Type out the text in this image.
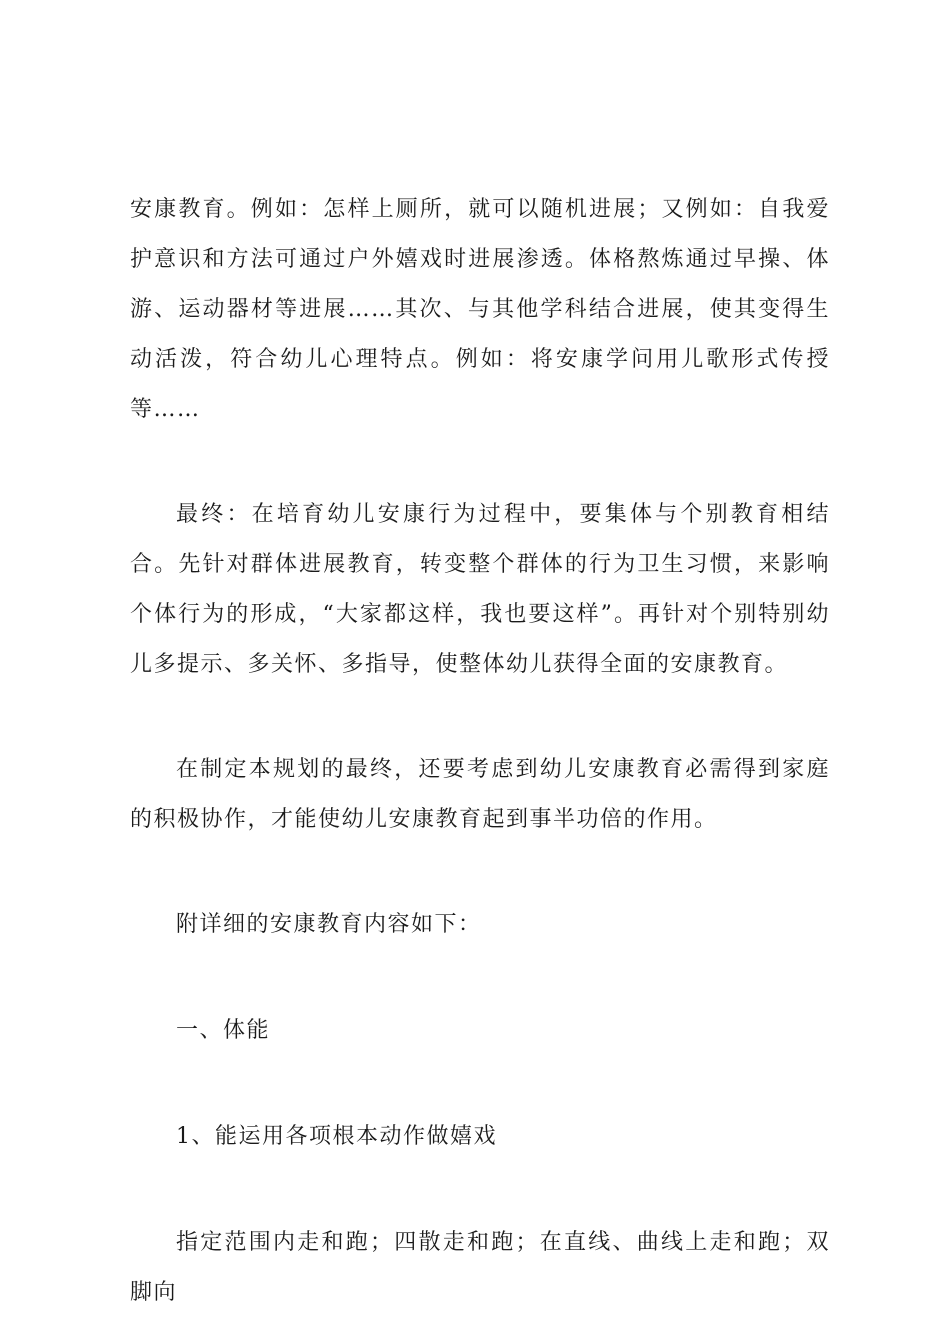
安康教育。例如：怎样上厕所，就可以随机进展；又例如：自我爱护意识和方法可通过户外嬉戏时进展渗透。体格熬炼通过早操、体游、运动器材等进展……其次、与其他学科结合进展，使其变得生动活泼，符合幼儿心理特点。例如：将安康学问用儿歌形式传授等……

最终：在培育幼儿安康行为过程中，要集体与个别教育相结合。先针对群体进展教育，转变整个群体的行为卫生习惯，来影响个体行为的形成，“大家都这样，我也要这样”。再针对个别特别幼儿多提示、多关怀、多指导，使整体幼儿获得全面的安康教育。

在制定本规划的最终，还要考虑到幼儿安康教育必需得到家庭的积极协作，才能使幼儿安康教育起到事半功倍的作用。

附详细的安康教育内容如下：

一、体能

1、能运用各项根本动作做嬉戏

指定范围内走和跑；四散走和跑；在直线、曲线上走和跑；双脚向
